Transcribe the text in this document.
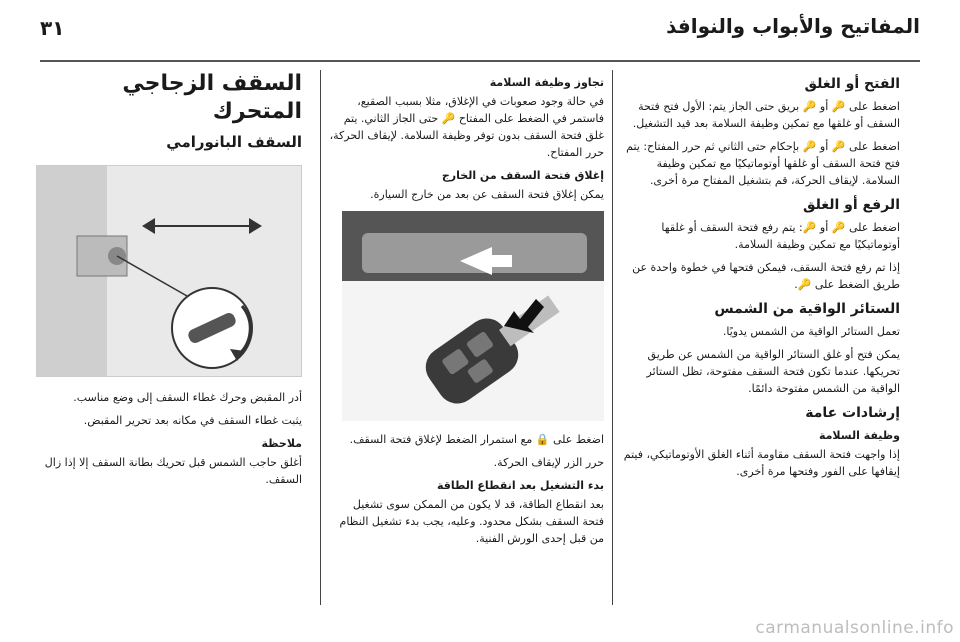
٣١	المفاتيح والأبواب والنوافذ
الفتح أو الغلق

اضغط على 🔑 أو 🔑 بريق حتى الجاز يتم: الأول فتح فتحة السقف أو غلقها مع تمكين وظيفة السلامة بعد قيد التشغيل.

اضغط على 🔑 أو 🔑 بإحكام حتى الثاني ثم حرر المفتاح: يتم فتح فتحة السقف أو غلقها أوتوماتيكيًا مع تمكين وظيفة السلامة. لإيقاف الحركة، قم بتشغيل المفتاح مرة أخرى.

الرفع أو الغلق

اضغط على 🔑 أو 🔑: يتم رفع فتحة السقف أو غلقها أوتوماتيكيًا مع تمكين وظيفة السلامة.

إذا تم رفع فتحة السقف، فيمكن فتحها في خطوة واحدة عن طريق الضغط على 🔑.

الستائر الواقية من الشمس

تعمل الستائر الواقية من الشمس يدويًا.

يمكن فتح أو غلق الستائر الواقية من الشمس عن طريق تحريكها. عندما تكون فتحة السقف مفتوحة، تظل الستائر الواقية من الشمس مفتوحة دائمًا.

إرشادات عامة
وظيفة السلامة

إذا واجهت فتحة السقف مقاومة أثناء الغلق الأوتوماتيكي، فيتم إيقافها على الفور وفتحها مرة أخرى.

تجاوز وظيفة السلامة

في حالة وجود صعوبات في الإغلاق، مثلا بسبب الصقيع، فاستمر في الضغط على المفتاح 🔑 حتى الجاز الثاني. يتم غلق فتحة السقف بدون توفر وظيفة السلامة. لإيقاف الحركة، حرر المفتاح.

إغلاق فتحة السقف من الخارج

يمكن إغلاق فتحة السقف عن بعد من خارج السيارة.

اضغط على 🔒 مع استمرار الضغط لإغلاق فتحة السقف.

حرر الزر لإيقاف الحركة.

بدء التشغيل بعد انقطاع الطاقة

بعد انقطاع الطاقة، قد لا يكون من الممكن سوى تشغيل فتحة السقف بشكل محدود. وعليه، يجب بدء تشغيل النظام من قبل إحدى الورش الفنية.

السقف الزجاجي المتحرك
السقف البانورامي

أدر المقبض وحرك غطاء السقف إلى وضع مناسب.

يثبت غطاء السقف في مكانه بعد تحرير المقبض.

ملاحظة

أغلق حاجب الشمس قبل تحريك بطانة السقف إلا إذا زال السقف.

carmanualsonline.info
